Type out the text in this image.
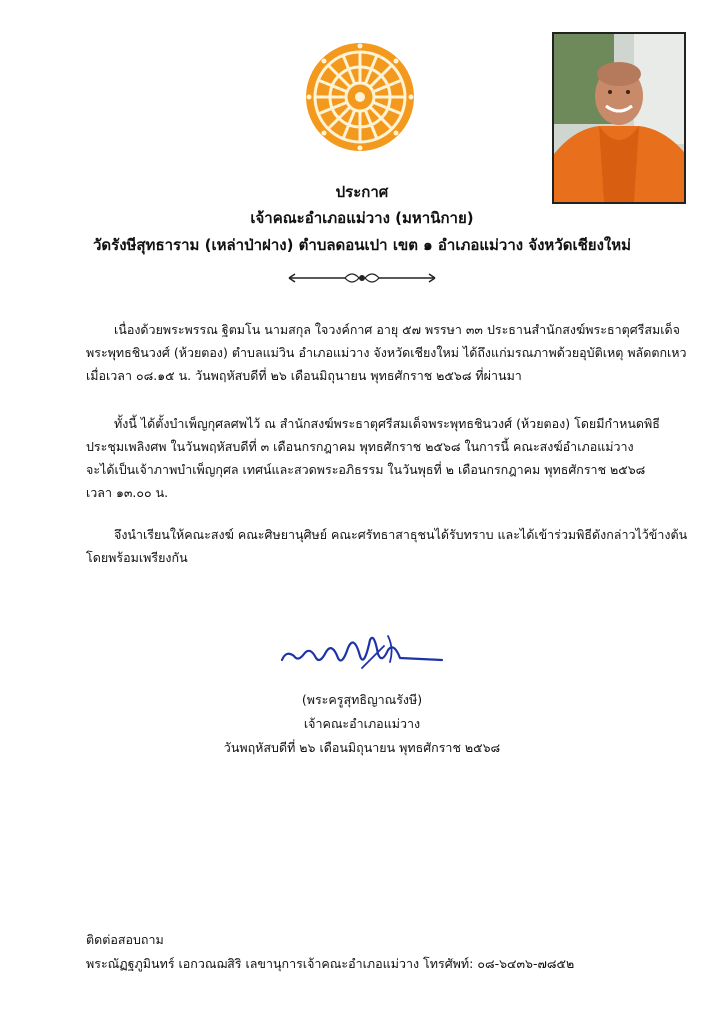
ประกาศ
เจ้าคณะอำเภอแม่วาง (มหานิกาย)
วัดรังษีสุทธาราม (เหล่าป่าฝาง) ตำบลดอนเปา เขต ๑ อำเภอแม่วาง จังหวัดเชียงใหม่

เนื่องด้วยพระพรรณ ฐิตมโน นามสกุล ใจวงค์กาศ อายุ ๕๗ พรรษา ๓๓ ประธานสำนักสงฆ์พระธาตุศรีสมเด็จ
พระพุทธชินวงศ์ (ห้วยตอง) ตำบลแม่วิน อำเภอแม่วาง จังหวัดเชียงใหม่ ได้ถึงแก่มรณภาพด้วยอุบัติเหตุ พลัดตกเหว
เมื่อเวลา ๐๘.๑๕ น. วันพฤหัสบดีที่ ๒๖ เดือนมิถุนายน พุทธศักราช ๒๕๖๘ ที่ผ่านมา

ทั้งนี้ ได้ตั้งบำเพ็ญกุศลศพไว้ ณ สำนักสงฆ์พระธาตุศรีสมเด็จพระพุทธชินวงศ์ (ห้วยตอง) โดยมีกำหนดพิธี
ประชุมเพลิงศพ ในวันพฤหัสบดีที่ ๓ เดือนกรกฎาคม พุทธศักราช ๒๕๖๘ ในการนี้ คณะสงฆ์อำเภอแม่วาง
จะได้เป็นเจ้าภาพบำเพ็ญกุศล เทศน์และสวดพระอภิธรรม ในวันพุธที่ ๒ เดือนกรกฎาคม พุทธศักราช ๒๕๖๘
เวลา ๑๓.๐๐ น.

จึงนำเรียนให้คณะสงฆ์ คณะศิษยานุศิษย์ คณะศรัทธาสาธุชนได้รับทราบ และได้เข้าร่วมพิธีดังกล่าวไว้ข้างต้น
โดยพร้อมเพรียงกัน

(พระครูสุทธิญาณรังษี)
เจ้าคณะอำเภอแม่วาง
วันพฤหัสบดีที่ ๒๖ เดือนมิถุนายน พุทธศักราช ๒๕๖๘
ติดต่อสอบถาม
พระณัฏฐภูมินทร์ เอกวณฌสิริ เลขานุการเจ้าคณะอำเภอแม่วาง โทรศัพท์: ๐๘-๖๔๓๖-๗๘๕๒
